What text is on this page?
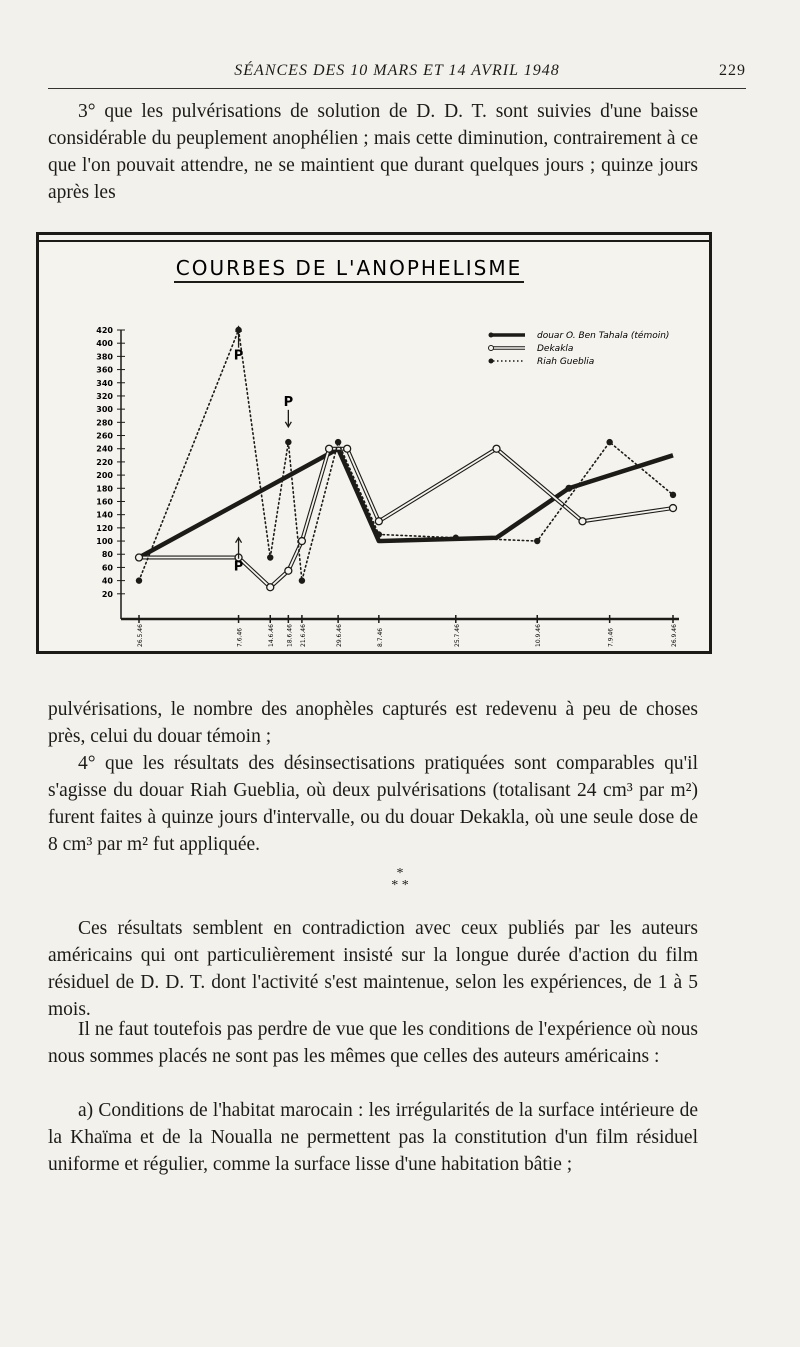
SÉANCES DES 10 MARS ET 14 AVRIL 1948	229

3° que les pulvérisations de solution de D. D. T. sont suivies d'une baisse considérable du peuplement anophélien ; mais cette diminution, contrairement à ce que l'on pouvait attendre, ne se maintient que durant quelques jours ; quinze jours après les

COURBES DE L'ANOPHELISME
douar O. Ben Tahala (témoin)
Dekakla
Riah Gueblia
20
40
60
80
100
120
140
160
180
200
220
240
260
280
300
320
340
360
380
400
420
26.5.46	7.6.46	14.6.46 18.6.46 21.6.46	29.6.46	8.7.46	25.7.46	10.9.46	7.9.46	26.9.46
P
P
P

pulvérisations, le nombre des anophèles capturés est redevenu à peu de choses près, celui du douar témoin ;

4° que les résultats des désinsectisations pratiquées sont comparables qu'il s'agisse du douar Riah Gueblia, où deux pulvérisations (totalisant 24 cm³ par m²) furent faites à quinze jours d'intervalle, ou du douar Dekakla, où une seule dose de 8 cm³ par m² fut appliquée.

*
* *

Ces résultats semblent en contradiction avec ceux publiés par les auteurs américains qui ont particulièrement insisté sur la longue durée d'action du film résiduel de D. D. T. dont l'activité s'est maintenue, selon les expériences, de 1 à 5 mois.

Il ne faut toutefois pas perdre de vue que les conditions de l'expérience où nous nous sommes placés ne sont pas les mêmes que celles des auteurs américains :

a) Conditions de l'habitat marocain : les irrégularités de la surface intérieure de la Khaïma et de la Noualla ne permettent pas la constitution d'un film résiduel uniforme et régulier, comme la surface lisse d'une habitation bâtie ;
